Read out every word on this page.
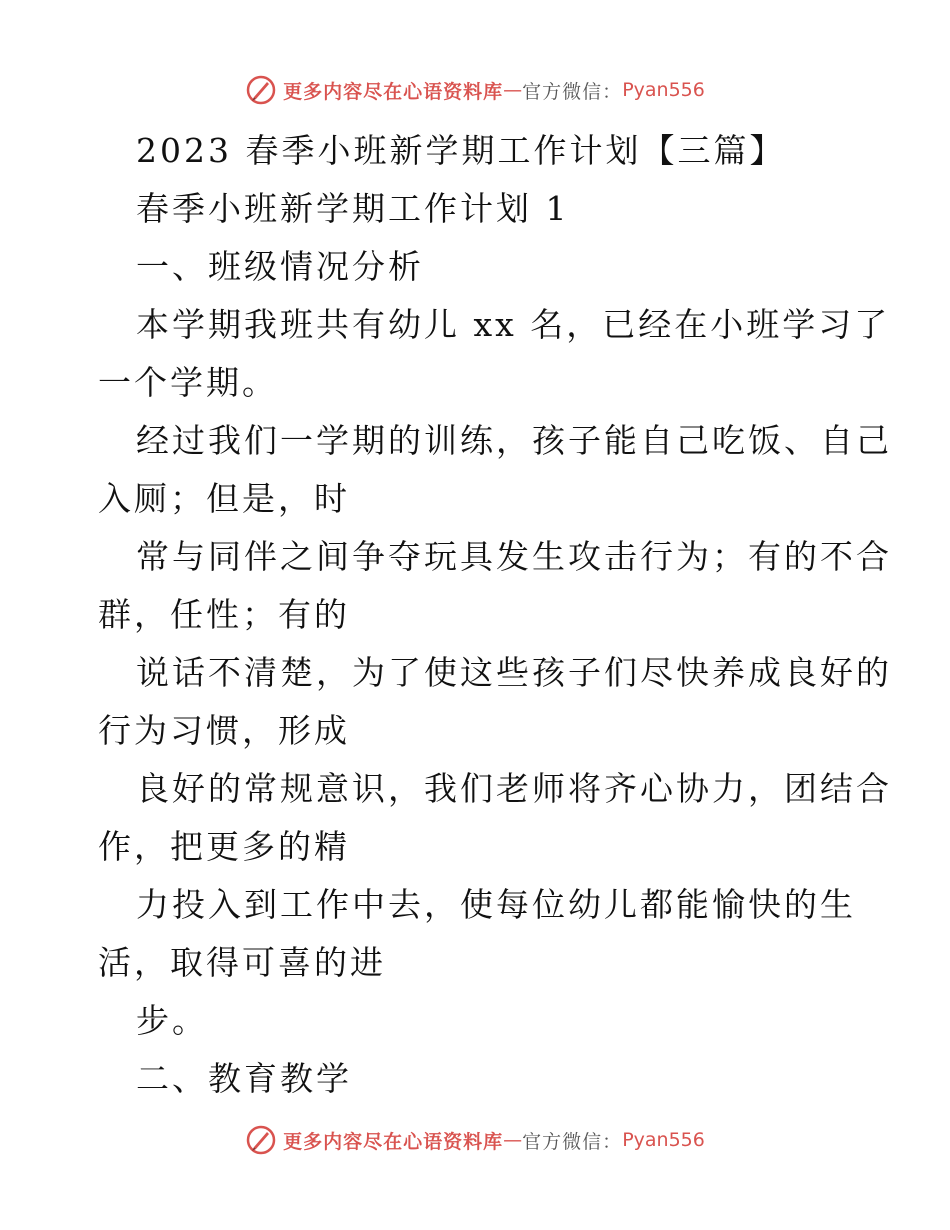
更多内容尽在心语资料库 — 官方微信： Pyan556
2023 春季小班新学期工作计划【三篇】
春季小班新学期工作计划 1
一、班级情况分析
本学期我班共有幼儿 xx 名，已经在小班学习了
一个学期。
经过我们一学期的训练，孩子能自己吃饭、自己
入厕；但是，时
常与同伴之间争夺玩具发生攻击行为；有的不合
群，任性；有的
说话不清楚，为了使这些孩子们尽快养成良好的
行为习惯，形成
良好的常规意识，我们老师将齐心协力，团结合
作，把更多的精
力投入到工作中去，使每位幼儿都能愉快的生
活，取得可喜的进
步。
二、教育教学
更多内容尽在心语资料库 — 官方微信： Pyan556
